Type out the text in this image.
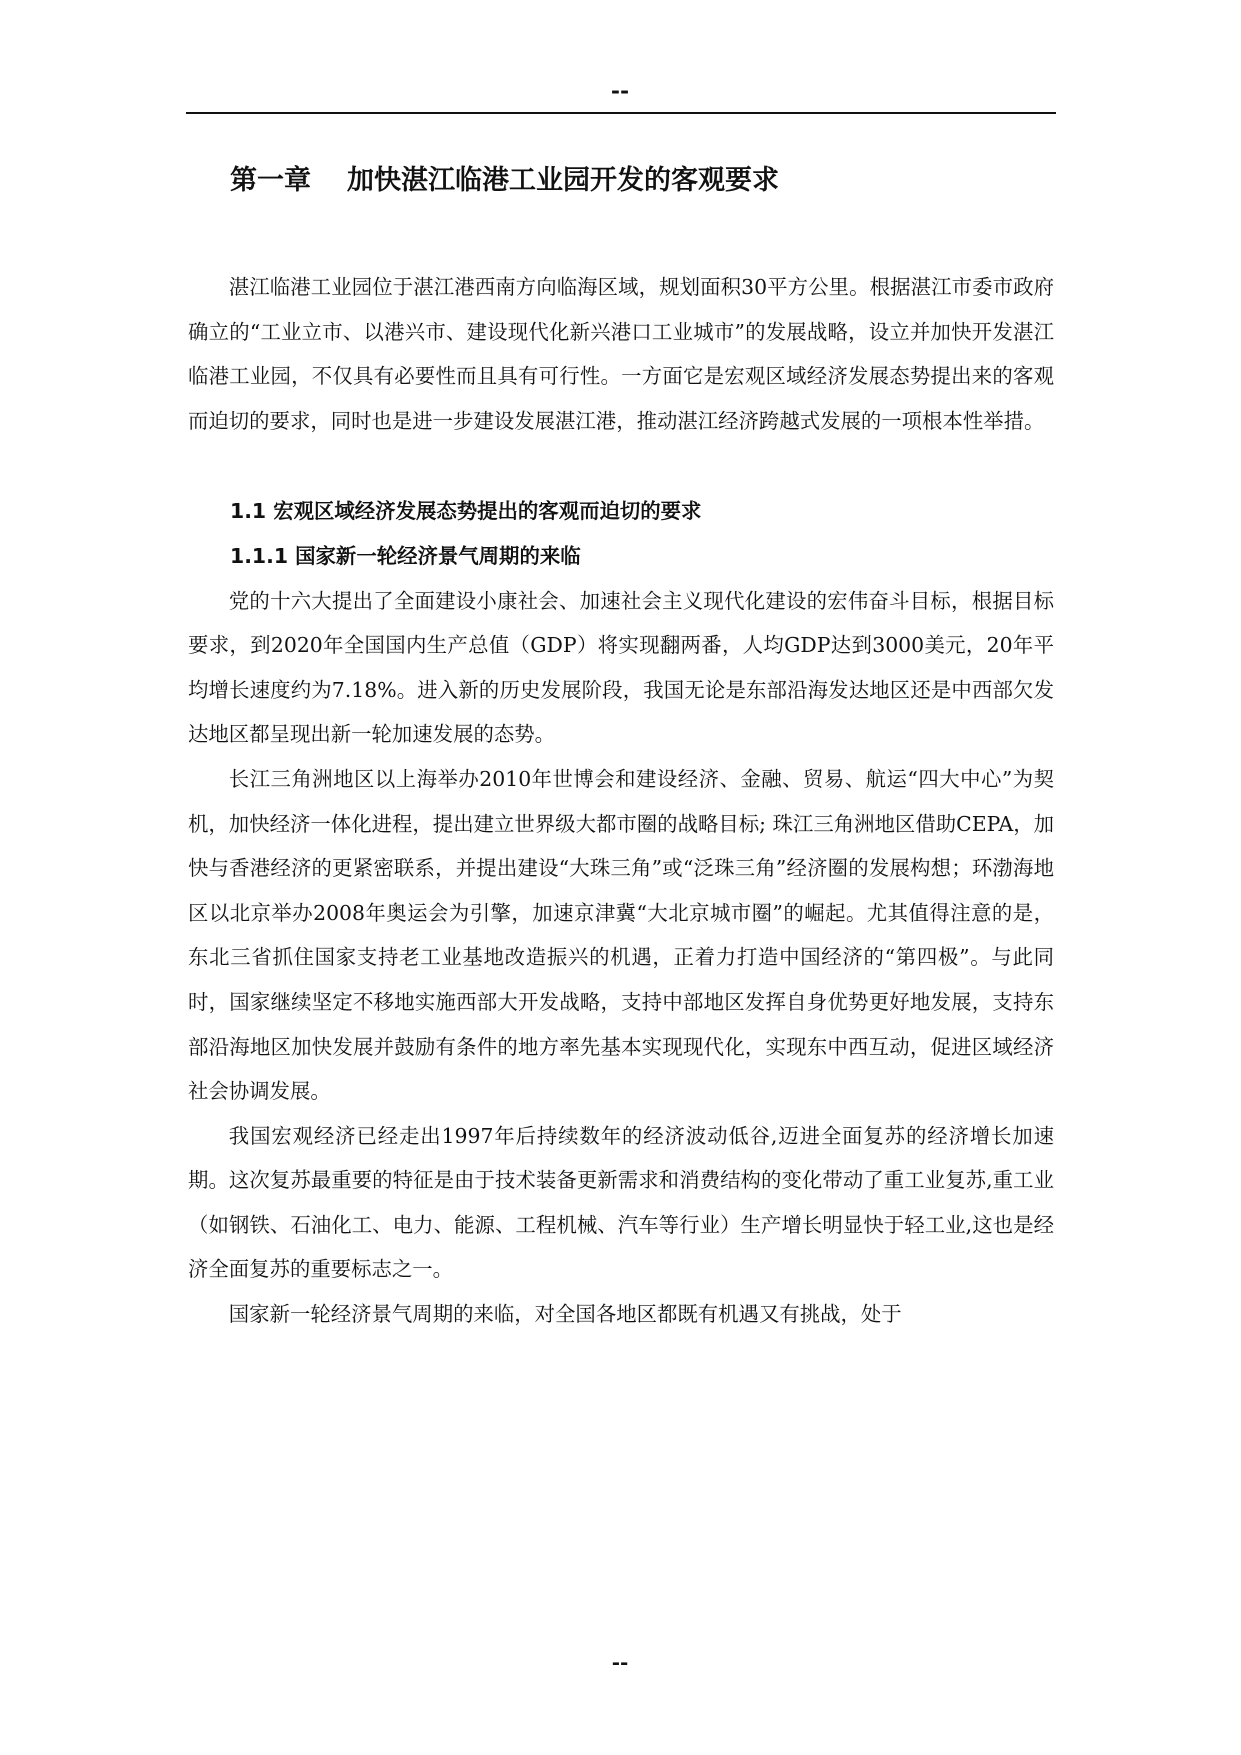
--
第一章 加快湛江临港工业园开发的客观要求

湛江临港工业园位于湛江港西南方向临海区域，规划面积30平方公里。根据湛江市委市政府确立的“工业立市、以港兴市、建设现代化新兴港口工业城市”的发展战略，设立并加快开发湛江临港工业园，不仅具有必要性而且具有可行性。一方面它是宏观区域经济发展态势提出来的客观而迫切的要求，同时也是进一步建设发展湛江港，推动湛江经济跨越式发展的一项根本性举措。

1.1 宏观区域经济发展态势提出的客观而迫切的要求

1.1.1 国家新一轮经济景气周期的来临

党的十六大提出了全面建设小康社会、加速社会主义现代化建设的宏伟奋斗目标，根据目标要求，到2020年全国国内生产总值（GDP）将实现翻两番，人均GDP达到3000美元，20年平均增长速度约为7.18%。进入新的历史发展阶段，我国无论是东部沿海发达地区还是中西部欠发达地区都呈现出新一轮加速发展的态势。

长江三角洲地区以上海举办2010年世博会和建设经济、金融、贸易、航运“四大中心”为契机，加快经济一体化进程，提出建立世界级大都市圈的战略目标; 珠江三角洲地区借助CEPA，加快与香港经济的更紧密联系，并提出建设“大珠三角”或“泛珠三角”经济圈的发展构想；环渤海地区以北京举办2008年奥运会为引擎，加速京津冀“大北京城市圈”的崛起。尤其值得注意的是，东北三省抓住国家支持老工业基地改造振兴的机遇，正着力打造中国经济的“第四极”。与此同时，国家继续坚定不移地实施西部大开发战略，支持中部地区发挥自身优势更好地发展，支持东部沿海地区加快发展并鼓励有条件的地方率先基本实现现代化，实现东中西互动，促进区域经济社会协调发展。

我国宏观经济已经走出1997年后持续数年的经济波动低谷,迈进全面复苏的经济增长加速期。这次复苏最重要的特征是由于技术装备更新需求和消费结构的变化带动了重工业复苏,重工业（如钢铁、石油化工、电力、能源、工程机械、汽车等行业）生产增长明显快于轻工业,这也是经济全面复苏的重要标志之一。

国家新一轮经济景气周期的来临，对全国各地区都既有机遇又有挑战，处于

--
